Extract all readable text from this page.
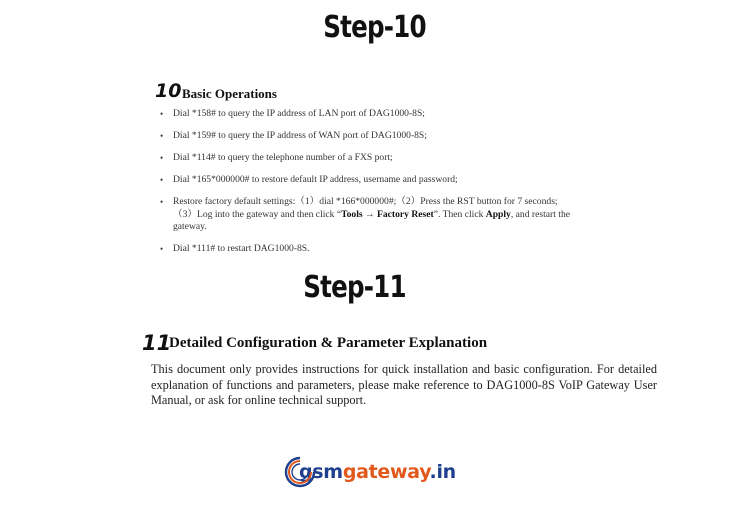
Step-10
10 Basic Operations
• Dial *158# to query the IP address of LAN port of DAG1000-8S;
• Dial *159# to query the IP address of WAN port of DAG1000-8S;
• Dial *114# to query the telephone number of a FXS port;
• Dial *165*000000# to restore default IP address, username and password;
• Restore factory default settings:（1）dial *166*000000#;（2）Press the RST button for 7 seconds;
（3）Log into the gateway and then click “Tools → Factory Reset”. Then click Apply, and restart the gateway.
• Dial *111# to restart DAG1000-8S.
Step-11
11
Detailed Configuration & Parameter Explanation

This document only provides instructions for quick installation and basic configuration. For detailed explanation of functions and parameters, please make reference to DAG1000-8S VoIP Gateway User Manual, or ask for online technical support.

gsmgateway.in
